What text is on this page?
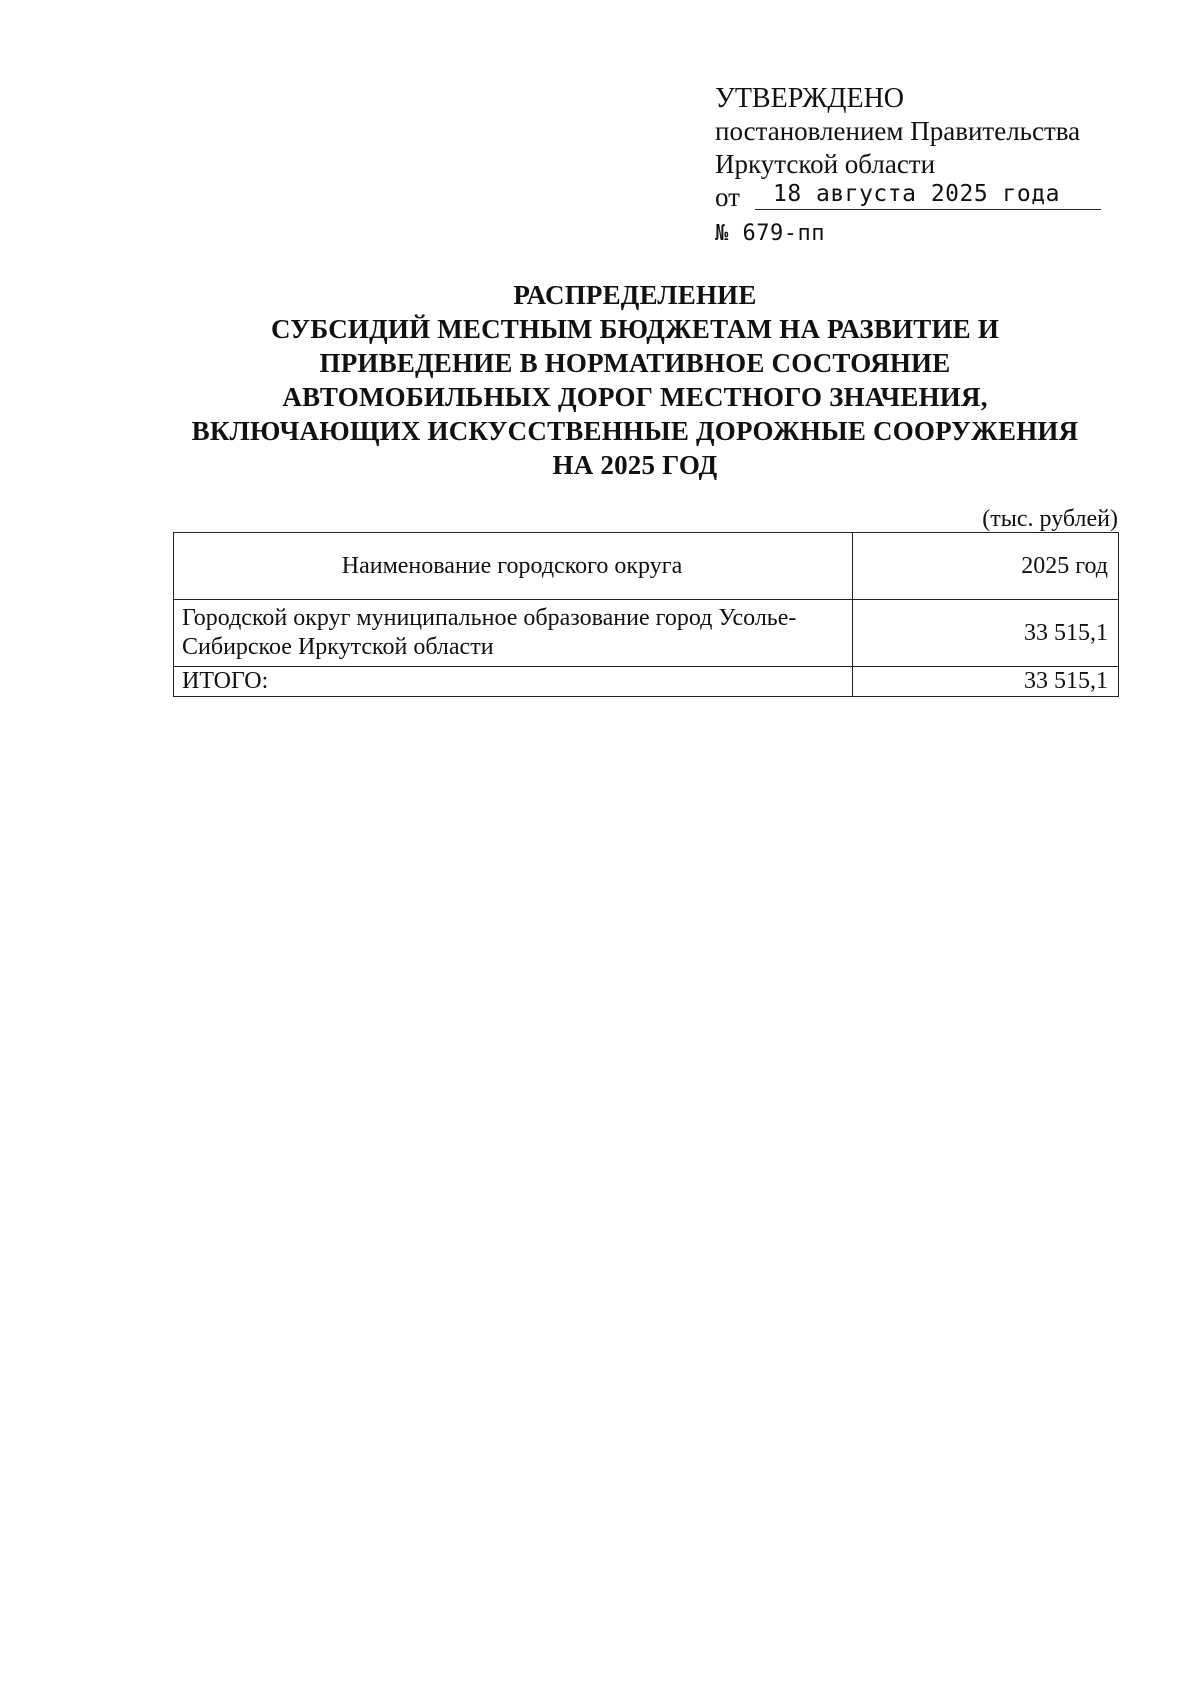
УТВЕРЖДЕНО
постановлением Правительства
Иркутской области
от	18 августа 2025 года
№ 679-пп
РАСПРЕДЕЛЕНИЕ
СУБСИДИЙ МЕСТНЫМ БЮДЖЕТАМ НА РАЗВИТИЕ И
ПРИВЕДЕНИЕ В НОРМАТИВНОЕ СОСТОЯНИЕ
АВТОМОБИЛЬНЫХ ДОРОГ МЕСТНОГО ЗНАЧЕНИЯ,
ВКЛЮЧАЮЩИХ ИСКУССТВЕННЫЕ ДОРОЖНЫЕ СООРУЖЕНИЯ
НА 2025 ГОД
(тыс. рублей)
Наименование городского округа	2025 год

Городской округ муниципальное образование город Усолье-
Сибирское Иркутской области	33 515,1
ИТОГО:	33 515,1
